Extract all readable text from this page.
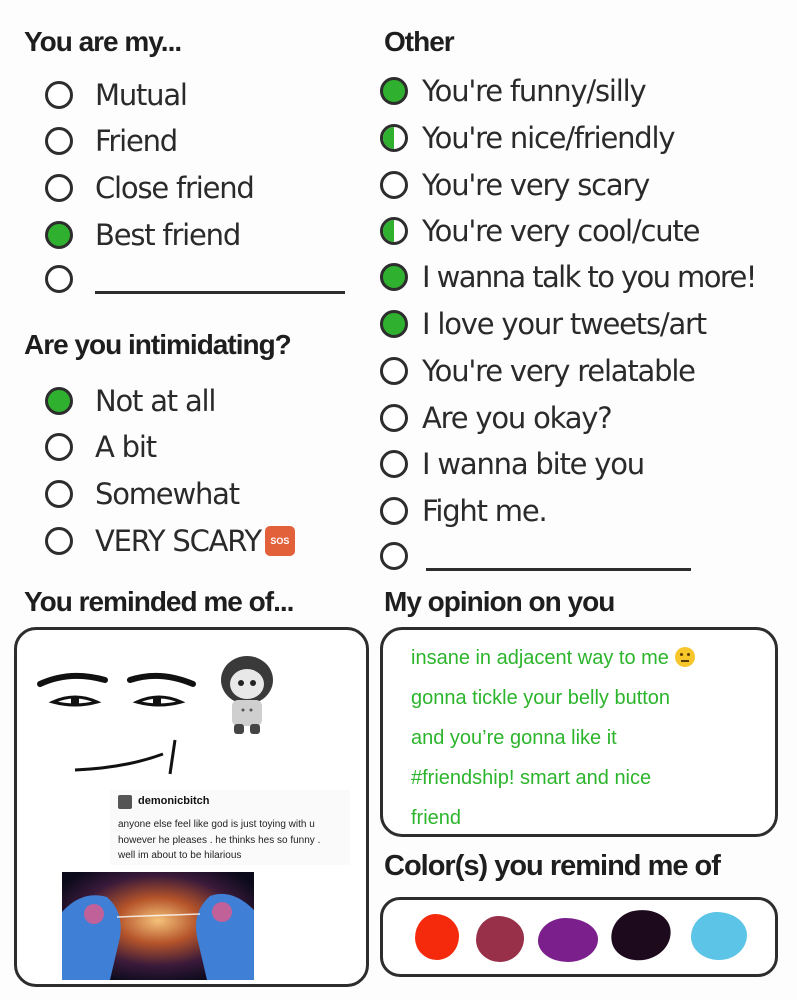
You are my...
Mutual
Friend
Close friend
Best friend
Are you intimidating?
Not at all
A bit
Somewhat
VERY SCARY	SOS
You reminded me of...
demonicbitch
anyone else feel like god is just toying with u
however he pleases . he thinks hes so funny .
well im about to be hilarious
Other
You're funny/silly
You're nice/friendly
You're very scary
You're very cool/cute
I wanna talk to you more!
I love your tweets/art
You're very relatable
Are you okay?
I wanna bite you
Fight me.
My opinion on you
insane in adjacent way to me
gonna tickle your belly button
and you’re gonna like it
#friendship! smart and nice
friend
Color(s) you remind me of
